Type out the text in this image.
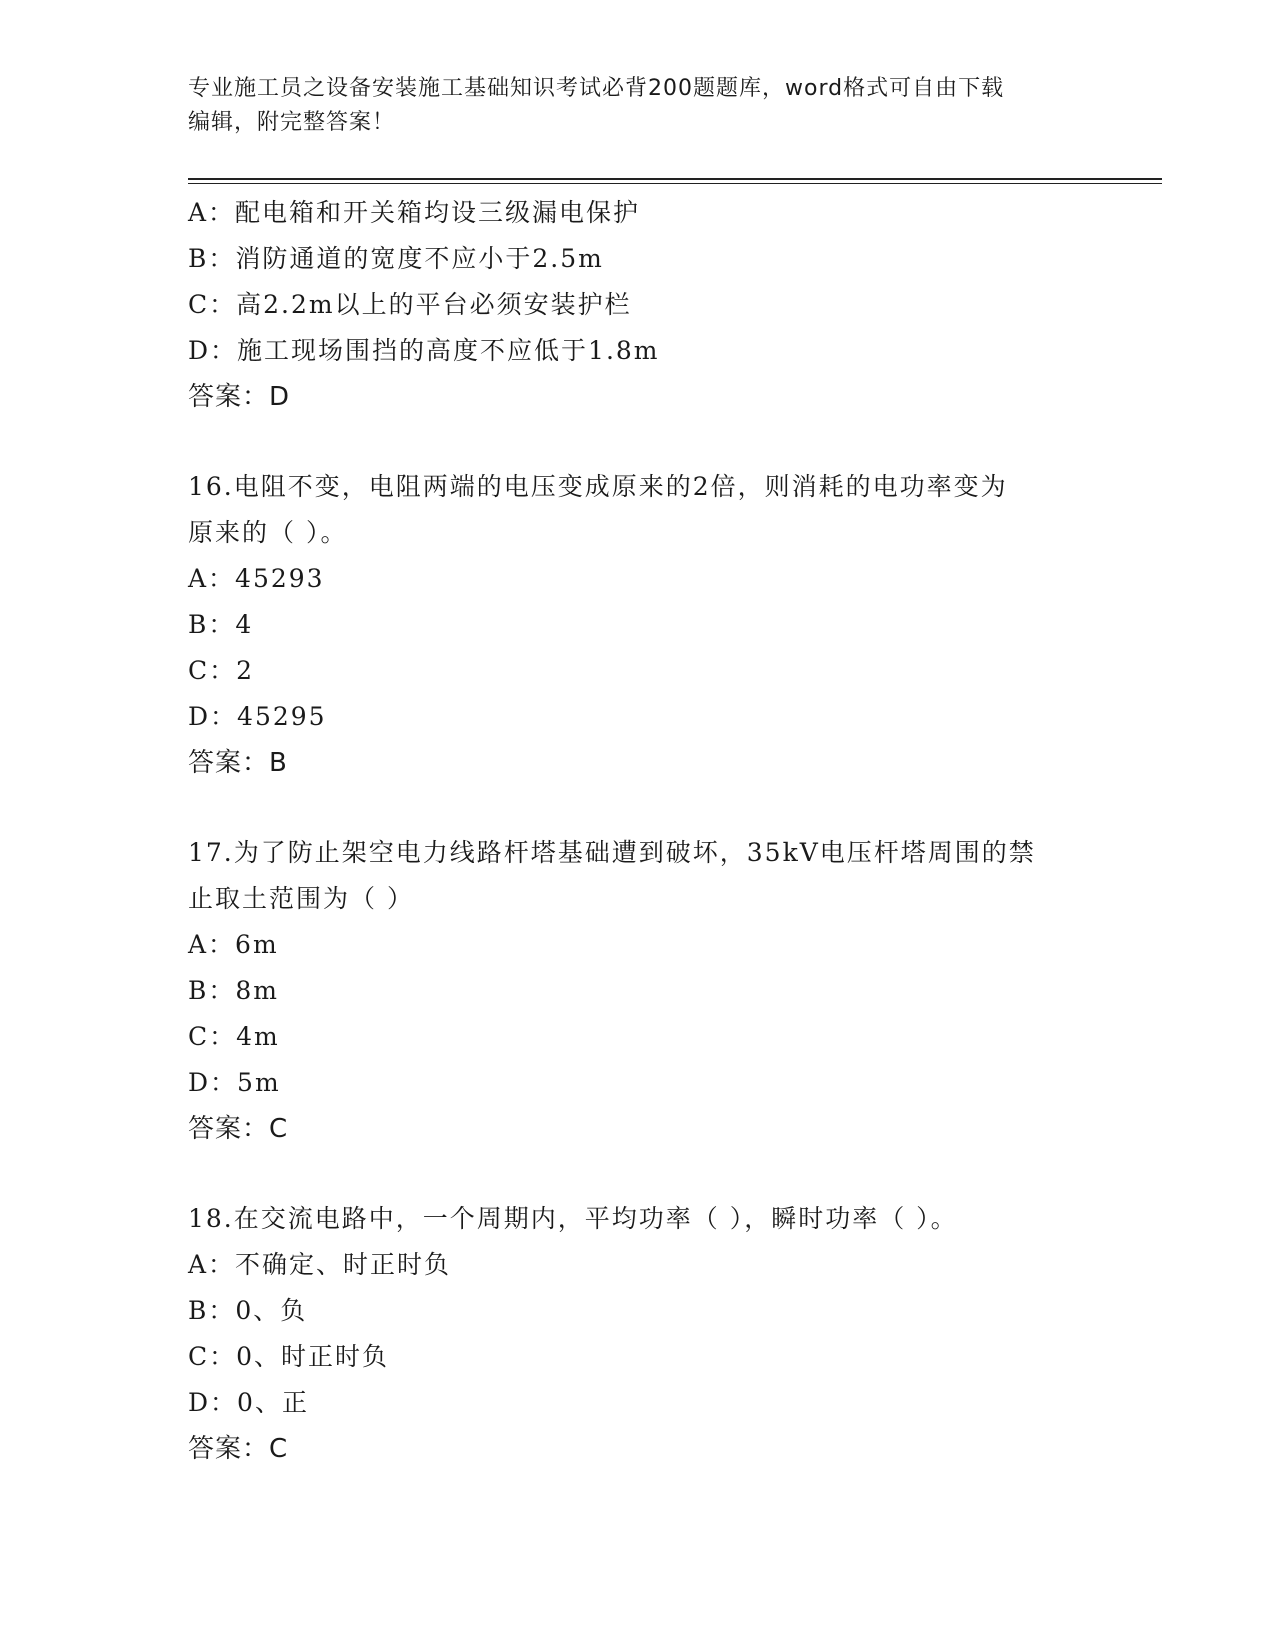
专业施工员之设备安装施工基础知识考试必背200题题库，word格式可自由下载
编辑，附完整答案！
A：配电箱和开关箱均设三级漏电保护
B：消防通道的宽度不应小于2.5m
C：高2.2m以上的平台必须安装护栏
D：施工现场围挡的高度不应低于1.8m
答案：D
16.电阻不变，电阻两端的电压变成原来的2倍，则消耗的电功率变为
原来的（ ）。
A：45293
B：4
C：2
D：45295
答案：B
17.为了防止架空电力线路杆塔基础遭到破坏，35kV电压杆塔周围的禁
止取土范围为（ ）
A：6m
B：8m
C：4m
D：5m
答案：C
18.在交流电路中，一个周期内，平均功率（ ），瞬时功率（ ）。
A：不确定、时正时负
B：0、负
C：0、时正时负
D：0、正
答案：C
